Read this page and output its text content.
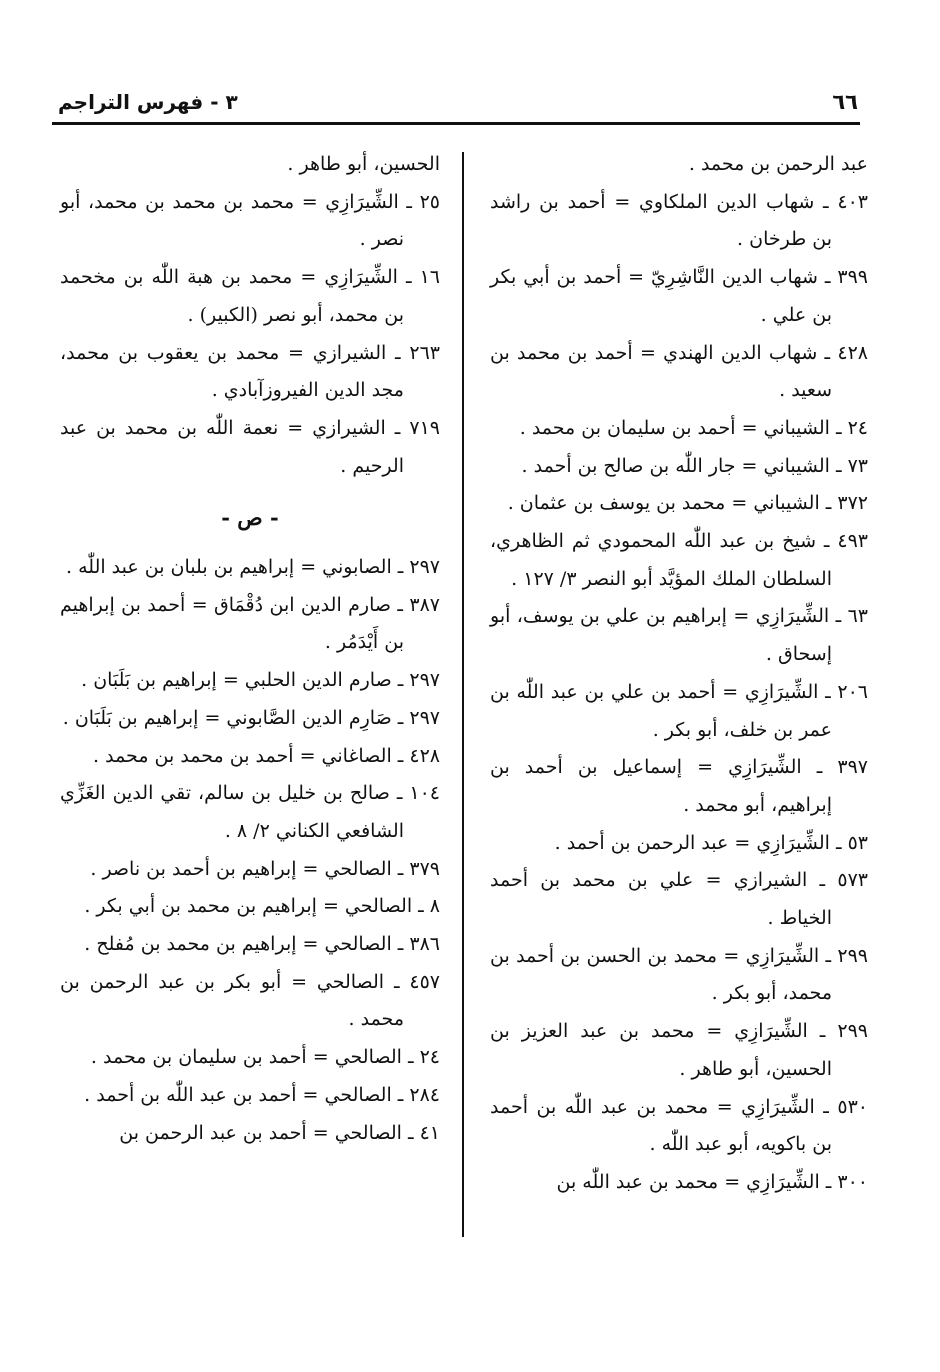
٦٦
٣ - فهرس التراجم

عبد الرحمن بن محمد .

٤٠٣ ـ شهاب الدين الملكاوي = أحمد بن راشد بن طرخان .

٣٩٩ ـ شهاب الدين النَّاشِرِيّ = أحمد بن أبي بكر بن علي .

٤٢٨ ـ شهاب الدين الهندي = أحمد بن محمد بن سعيد .

٢٤ ـ الشيباني = أحمد بن سليمان بن محمد .

٧٣ ـ الشيباني = جار اللّٰه بن صالح بن أحمد .

٣٧٢ ـ الشيباني = محمد بن يوسف بن عثمان .

٤٩٣ ـ شيخ بن عبد اللّٰه المحمودي ثم الظاهري، السلطان الملك المؤيَّد أبو النصر ٣/ ١٢٧ .

٦٣ ـ الشِّيرَازِي = إبراهيم بن علي بن يوسف، أبو إسحاق .

٢٠٦ ـ الشِّيرَازِي = أحمد بن علي بن عبد اللّٰه بن عمر بن خلف، أبو بكر .

٣٩٧ ـ الشِّيرَازِي = إسماعيل بن أحمد بن إبراهيم، أبو محمد .

٥٣ ـ الشِّيرَازِي = عبد الرحمن بن أحمد .

٥٧٣ ـ الشيرازي = علي بن محمد بن أحمد الخياط .

٢٩٩ ـ الشِّيرَازِي = محمد بن الحسن بن أحمد بن محمد، أبو بكر .

٢٩٩ ـ الشِّيرَازِي = محمد بن عبد العزيز بن الحسين، أبو طاهر .

٥٣٠ ـ الشِّيرَازِي = محمد بن عبد اللّٰه بن أحمد بن باكويه، أبو عبد اللّٰه .

٣٠٠ ـ الشِّيرَازِي = محمد بن عبد اللّٰه بن

الحسين، أبو طاهر .

٢٥ ـ الشِّيرَازِي = محمد بن محمد بن محمد، أبو نصر .

١٦ ـ الشِّيرَازِي = محمد بن هبة اللّٰه بن مخحمد بن محمد، أبو نصر (الكبير) .

٢٦٣ ـ الشيرازي = محمد بن يعقوب بن محمد، مجد الدين الفيروزآبادي .

٧١٩ ـ الشيرازي = نعمة اللّٰه بن محمد بن عبد الرحيم .

- ص -

٢٩٧ ـ الصابوني = إبراهيم بن بلبان بن عبد اللّٰه .

٣٨٧ ـ صارم الدين ابن دُقْمَاق = أحمد بن إبراهيم بن أَيْدَمُر .

٢٩٧ ـ صارم الدين الحلبي = إبراهيم بن بَلَبَان .

٢٩٧ ـ صَارِم الدين الصَّابوني = إبراهيم بن بَلَبَان .

٤٢٨ ـ الصاغاني = أحمد بن محمد بن محمد .

١٠٤ ـ صالح بن خليل بن سالم، تقي الدين الغَزِّي الشافعي الكناني ٢/ ٨ .

٣٧٩ ـ الصالحي = إبراهيم بن أحمد بن ناصر .

٨ ـ الصالحي = إبراهيم بن محمد بن أبي بكر .

٣٨٦ ـ الصالحي = إبراهيم بن محمد بن مُفلح .

٤٥٧ ـ الصالحي = أبو بكر بن عبد الرحمن بن محمد .

٢٤ ـ الصالحي = أحمد بن سليمان بن محمد .

٢٨٤ ـ الصالحي = أحمد بن عبد اللّٰه بن أحمد .

٤١ ـ الصالحي = أحمد بن عبد الرحمن بن
